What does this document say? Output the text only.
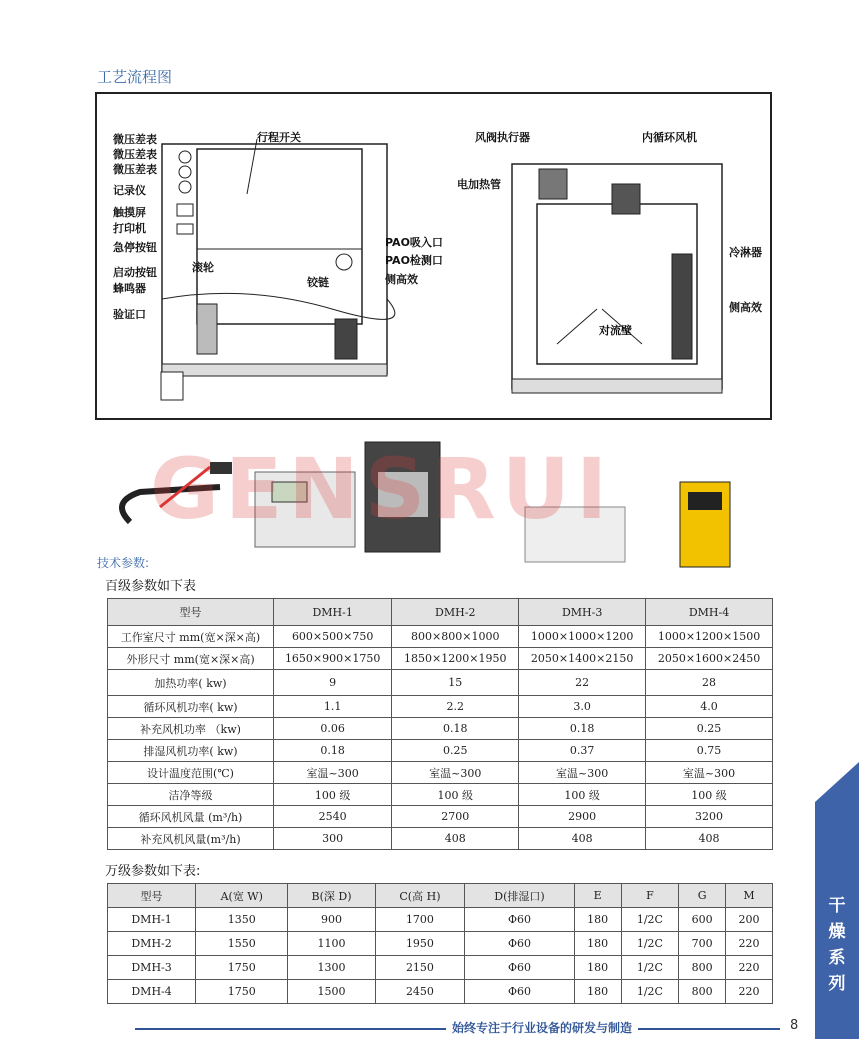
工艺流程图
微压差表
微压差表
微压差表
记录仪
触摸屏
打印机
急停按钮
启动按钮
蜂鸣器
验证口
滚轮
行程开关
铰链
PAO吸入口
PAO检测口
侧高效
风阀执行器	内循环风机
电加热管
冷淋器
侧高效
对流壁
GENSRUI
技术参数:
百级参数如下表
型号	DMH-1	DMH-2	DMH-3	DMH-4
工作室尺寸 mm(宽×深×高)	600×500×750	800×800×1000	1000×1000×1200	1000×1200×1500
外形尺寸 mm(宽×深×高)	1650×900×1750	1850×1200×1950	2050×1400×2150	2050×1600×2450
加热功率( kw)	9	15	22	28
循环风机功率( kw)	1.1	2.2	3.0	4.0
补充风机功率 （kw)	0.06	0.18	0.18	0.25
排湿风机功率( kw)	0.18	0.25	0.37	0.75
设计温度范围(℃)	室温~300	室温~300	室温~300	室温~300
洁净等级	100 级	100 级	100 级	100 级
循环风机风量 (m³/h)	2540	2700	2900	3200
补充风机风量(m³/h)	300	408	408	408
万级参数如下表:
型号	A(宽 W)	B(深 D)	C(高 H)	D(排湿口)	E	F	G	M
DMH-1	1350	900	1700	Φ60	180	1/2C	600	200
DMH-2	1550	1100	1950	Φ60	180	1/2C	700	220
DMH-3	1750	1300	2150	Φ60	180	1/2C	800	220
DMH-4	1750	1500	2450	Φ60	180	1/2C	800	220
始终专注于行业设备的研发与制造	8
干
燥
系
列
